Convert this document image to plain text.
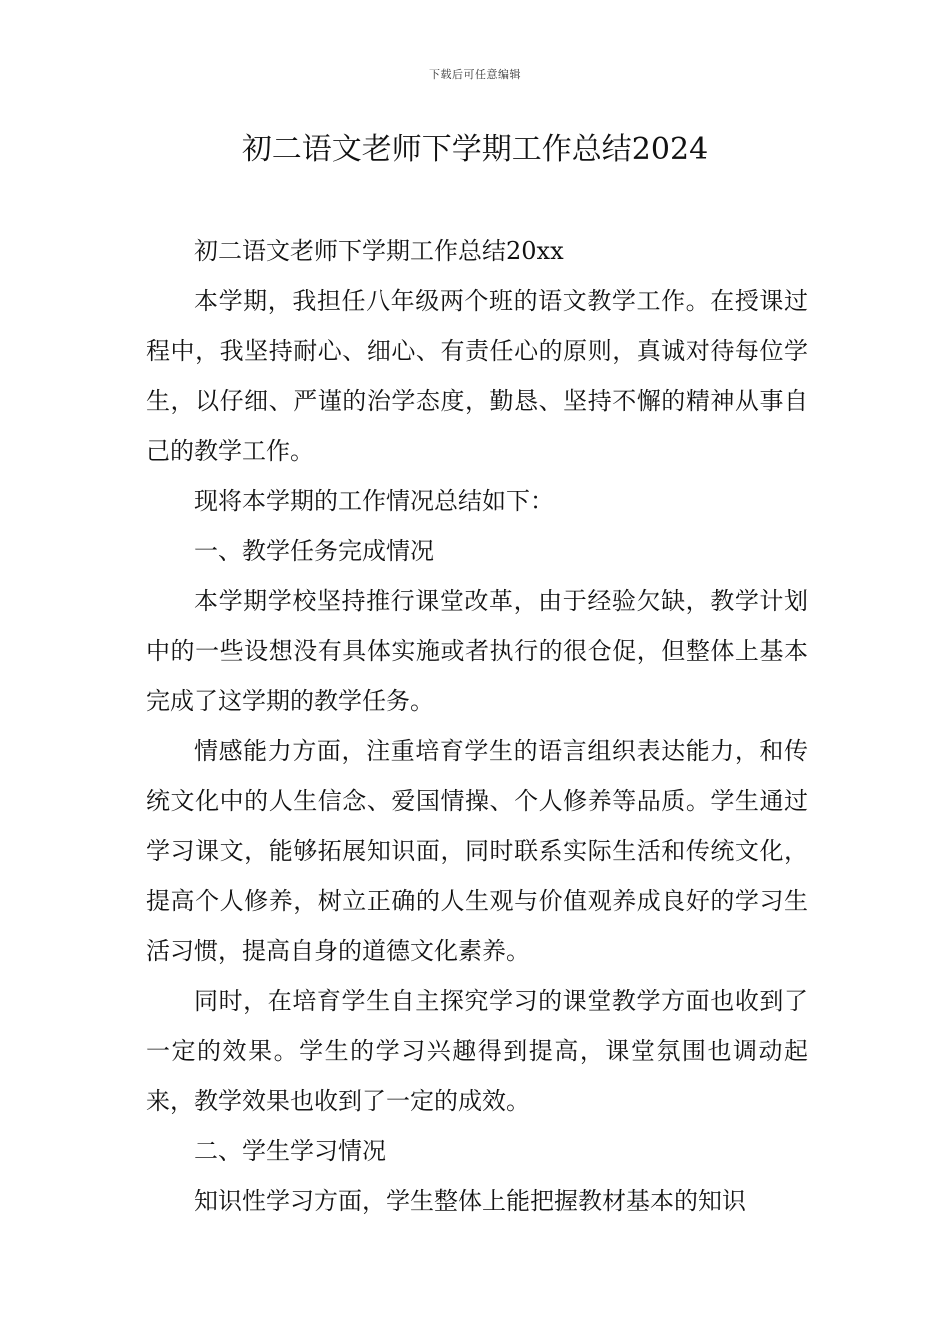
下载后可任意编辑
初二语文老师下学期工作总结2024

初二语文老师下学期工作总结20xx

本学期，我担任八年级两个班的语文教学工作。在授课过程中，我坚持耐心、细心、有责任心的原则，真诚对待每位学生，以仔细、严谨的治学态度，勤恳、坚持不懈的精神从事自己的教学工作。

现将本学期的工作情况总结如下：

一、教学任务完成情况

本学期学校坚持推行课堂改革，由于经验欠缺，教学计划中的一些设想没有具体实施或者执行的很仓促，但整体上基本完成了这学期的教学任务。

情感能力方面，注重培育学生的语言组织表达能力，和传统文化中的人生信念、爱国情操、个人修养等品质。学生通过学习课文，能够拓展知识面，同时联系实际生活和传统文化，提高个人修养，树立正确的人生观与价值观养成良好的学习生活习惯，提高自身的道德文化素养。

同时，在培育学生自主探究学习的课堂教学方面也收到了一定的效果。学生的学习兴趣得到提高，课堂氛围也调动起来，教学效果也收到了一定的成效。

二、学生学习情况

知识性学习方面，学生整体上能把握教材基本的知识
